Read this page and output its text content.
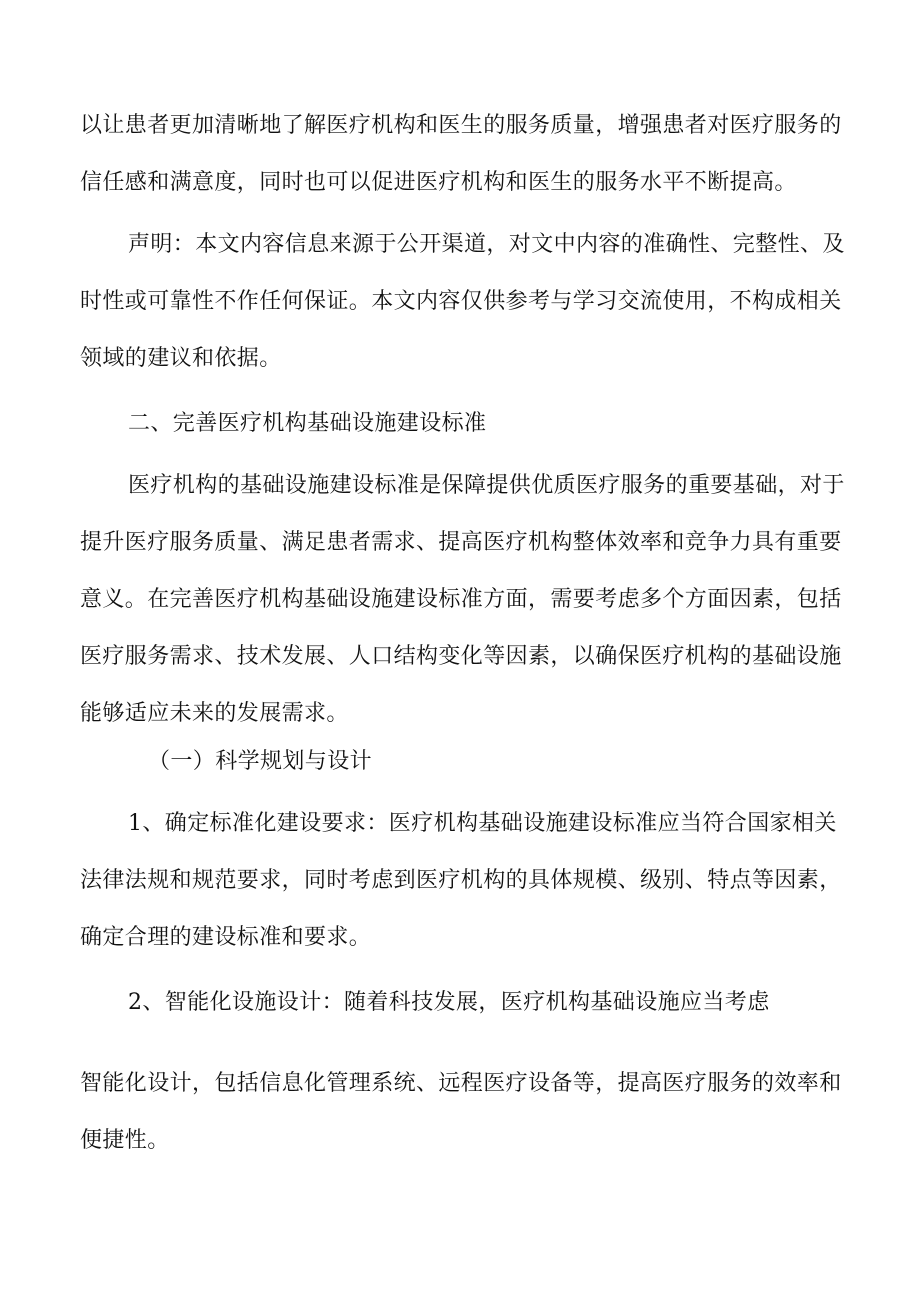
以让患者更加清晰地了解医疗机构和医生的服务质量，增强患者对医疗服务的信任感和满意度，同时也可以促进医疗机构和医生的服务水平不断提高。

声明：本文内容信息来源于公开渠道，对文中内容的准确性、完整性、及时性或可靠性不作任何保证。本文内容仅供参考与学习交流使用，不构成相关领域的建议和依据。

二、完善医疗机构基础设施建设标准

医疗机构的基础设施建设标准是保障提供优质医疗服务的重要基础，对于提升医疗服务质量、满足患者需求、提高医疗机构整体效率和竞争力具有重要意义。在完善医疗机构基础设施建设标准方面，需要考虑多个方面因素，包括医疗服务需求、技术发展、人口结构变化等因素，以确保医疗机构的基础设施能够适应未来的发展需求。

（一）科学规划与设计

1、确定标准化建设要求：医疗机构基础设施建设标准应当符合国家相关法律法规和规范要求，同时考虑到医疗机构的具体规模、级别、特点等因素，确定合理的建设标准和要求。

2、智能化设施设计：随着科技发展，医疗机构基础设施应当考虑

智能化设计，包括信息化管理系统、远程医疗设备等，提高医疗服务的效率和便捷性。
